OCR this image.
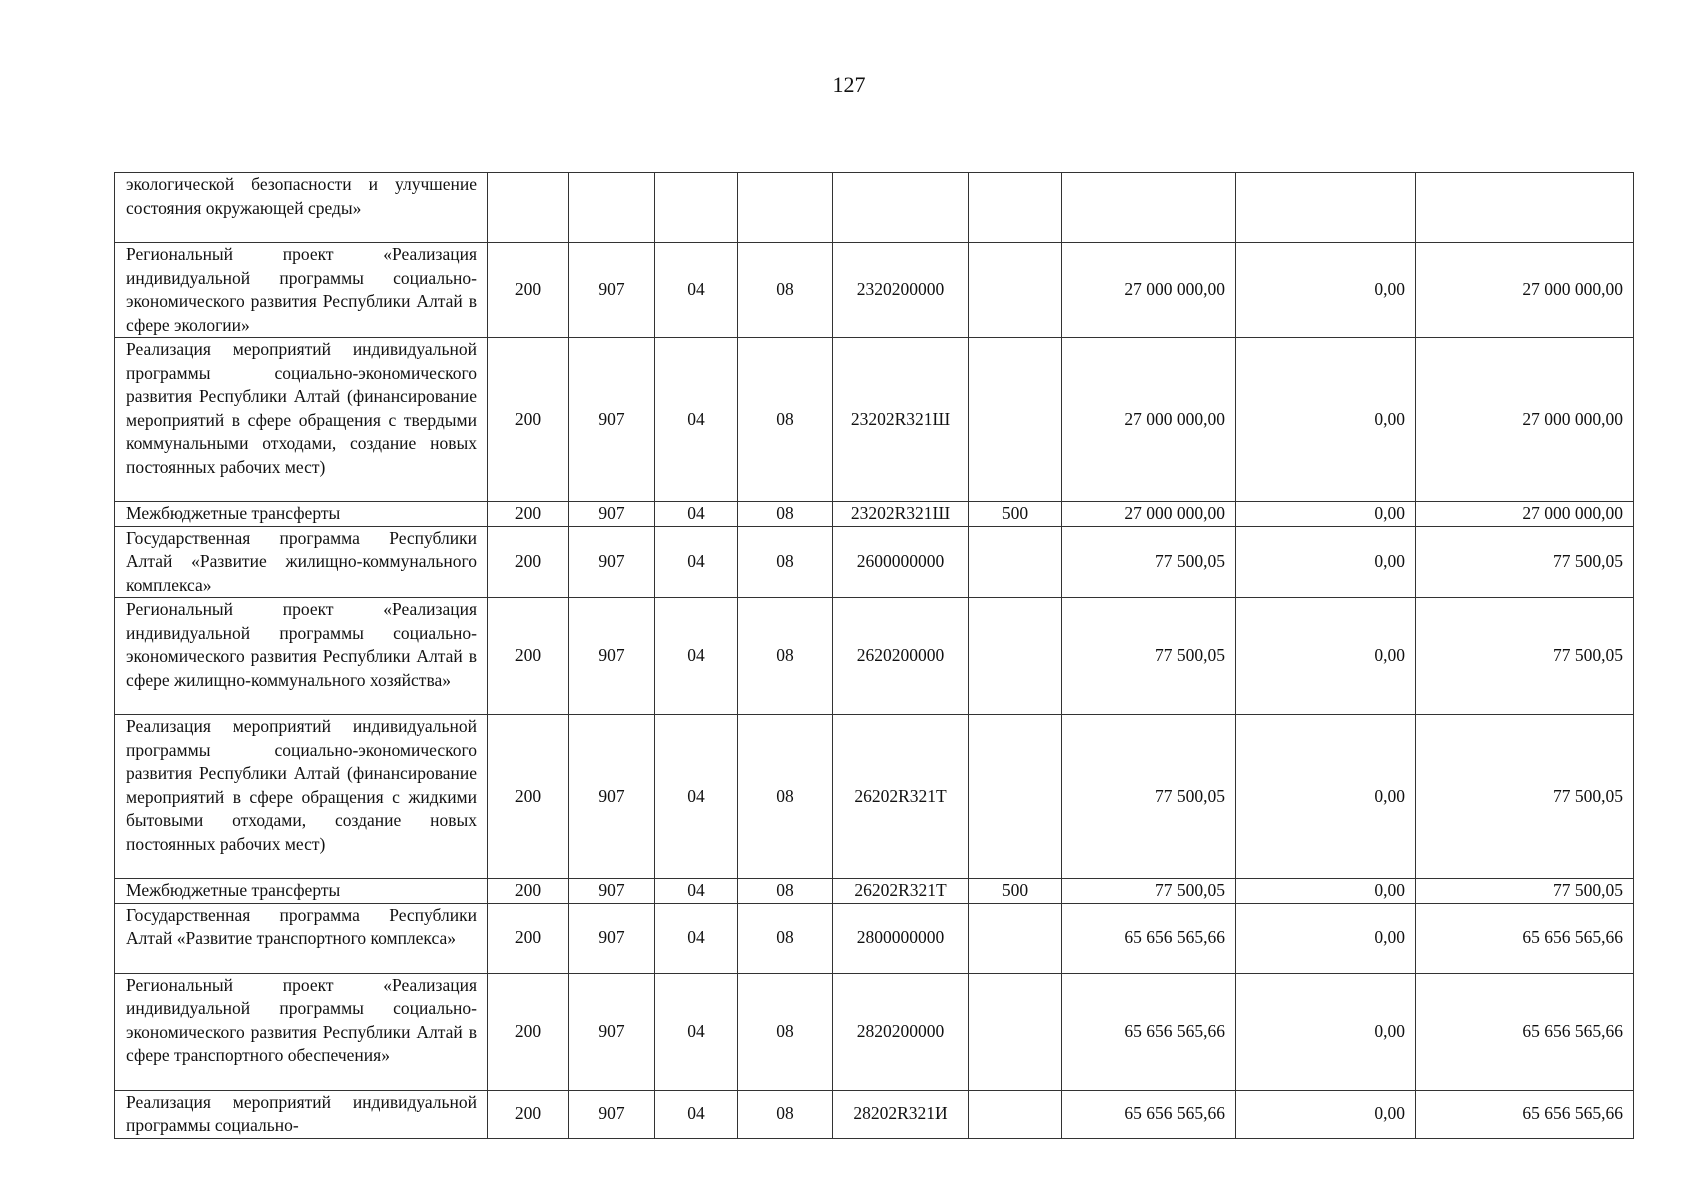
127
экологической безопасности и улучшение состояния окружающей среды»									
Региональный проект «Реализация индивидуальной программы социально-экономического развития Республики Алтай в сфере экологии»	200	907	04	08	2320200000		27 000 000,00	0,00	27 000 000,00
Реализация мероприятий индивидуальной программы социально-экономического развития Республики Алтай (финансирование мероприятий в сфере обращения с твердыми коммунальными отходами, создание новых постоянных рабочих мест)	200	907	04	08	23202R321Ш		27 000 000,00	0,00	27 000 000,00
Межбюджетные трансферты	200	907	04	08	23202R321Ш	500	27 000 000,00	0,00	27 000 000,00
Государственная программа Республики Алтай «Развитие жилищно-коммунального комплекса»	200	907	04	08	2600000000		77 500,05	0,00	77 500,05
Региональный проект «Реализация индивидуальной программы социально-экономического развития Республики Алтай в сфере жилищно-коммунального хозяйства»	200	907	04	08	2620200000		77 500,05	0,00	77 500,05
Реализация мероприятий индивидуальной программы социально-экономического развития Республики Алтай (финансирование мероприятий в сфере обращения с жидкими бытовыми отходами, создание новых постоянных рабочих мест)	200	907	04	08	26202R321Т		77 500,05	0,00	77 500,05
Межбюджетные трансферты	200	907	04	08	26202R321Т	500	77 500,05	0,00	77 500,05
Государственная программа Республики Алтай «Развитие транспортного комплекса»	200	907	04	08	2800000000		65 656 565,66	0,00	65 656 565,66
Региональный проект «Реализация индивидуальной программы социально-экономического развития Республики Алтай в сфере транспортного обеспечения»	200	907	04	08	2820200000		65 656 565,66	0,00	65 656 565,66
Реализация мероприятий индивидуальной программы социально-	200	907	04	08	28202R321И		65 656 565,66	0,00	65 656 565,66
